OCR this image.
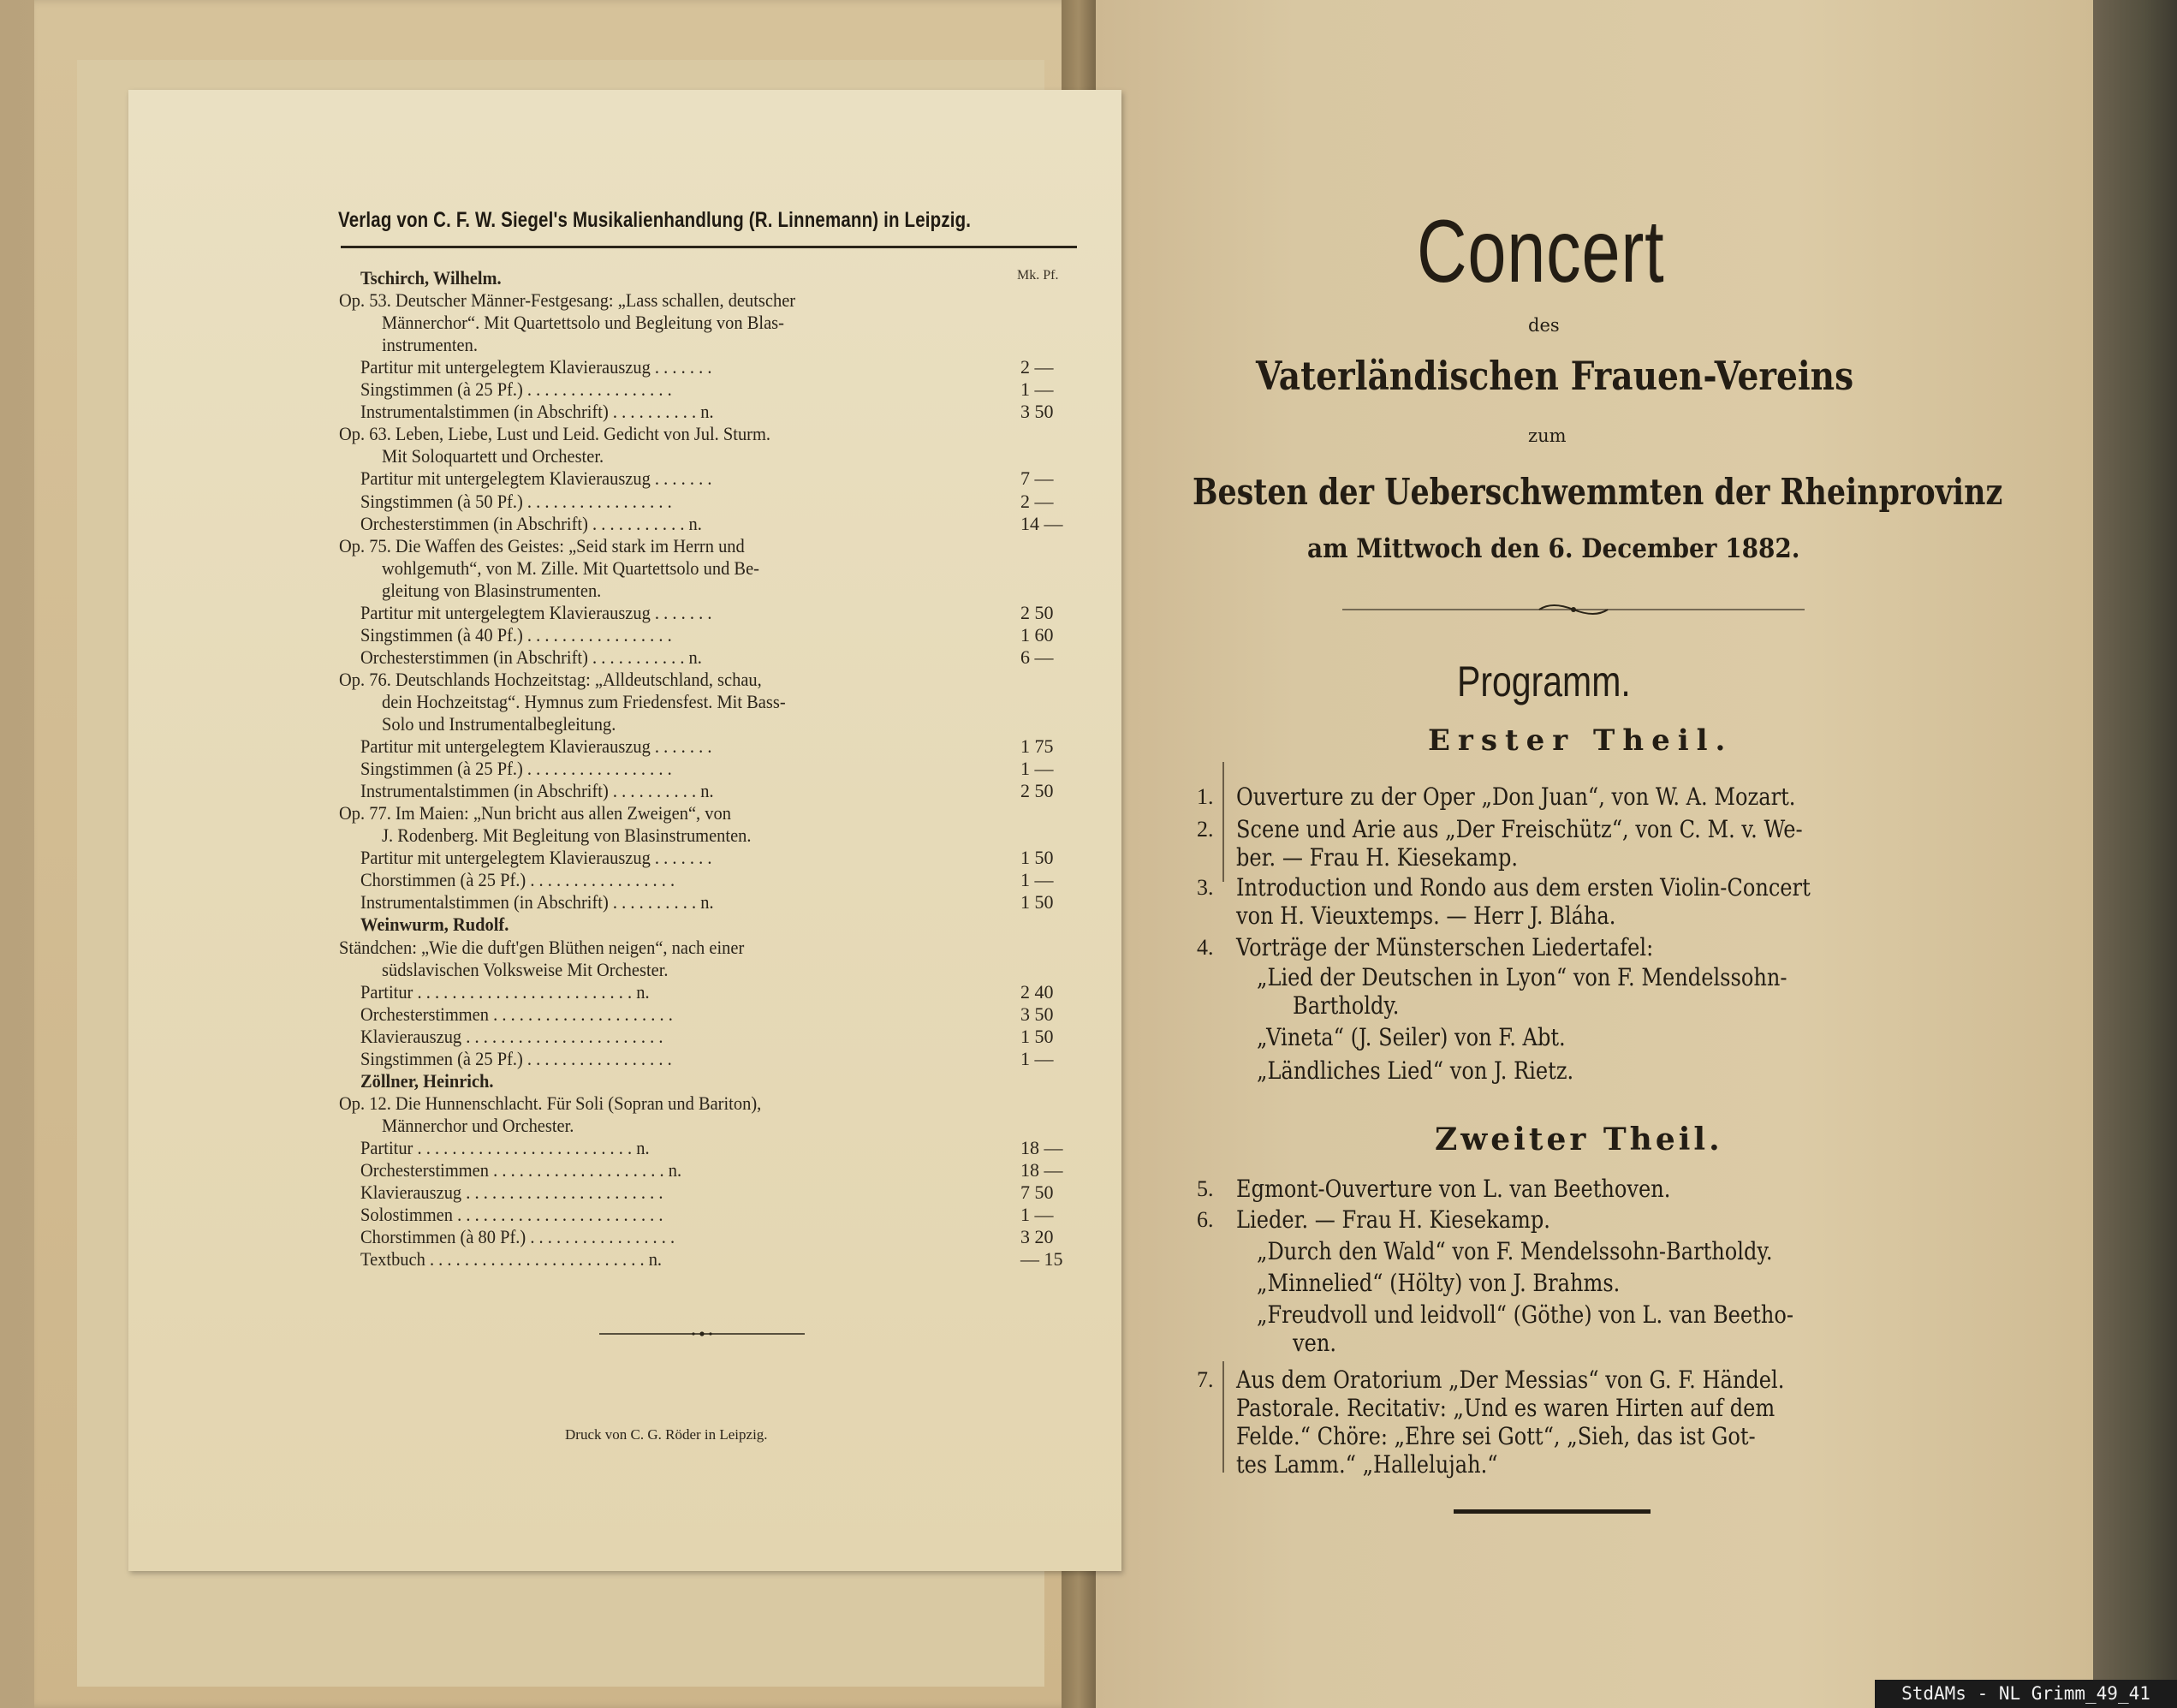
Verlag von C. F. W. Siegel's Musikalienhandlung (R. Linnemann) in Leipzig.
Mk. Pf.
Tschirch, Wilhelm.
Op. 53. Deutscher Männer-Festgesang: „Lass schallen, deutscher
Männerchor“. Mit Quartettsolo und Begleitung von Blas-
instrumenten.
Partitur mit untergelegtem Klavierauszug . . . . . . .	2 —
Singstimmen (à 25 Pf.) . . . . . . . . . . . . . . . . .	1 —
Instrumentalstimmen (in Abschrift) . . . . . . . . . . n.	3 50
Op. 63. Leben, Liebe, Lust und Leid. Gedicht von Jul. Sturm.
Mit Soloquartett und Orchester.
Partitur mit untergelegtem Klavierauszug . . . . . . .	7 —
Singstimmen (à 50 Pf.) . . . . . . . . . . . . . . . . .	2 —
Orchesterstimmen (in Abschrift) . . . . . . . . . . . n.	14 —
Op. 75. Die Waffen des Geistes: „Seid stark im Herrn und
wohlgemuth“, von M. Zille. Mit Quartettsolo und Be-
gleitung von Blasinstrumenten.
Partitur mit untergelegtem Klavierauszug . . . . . . .	2 50
Singstimmen (à 40 Pf.) . . . . . . . . . . . . . . . . .	1 60
Orchesterstimmen (in Abschrift) . . . . . . . . . . . n.	6 —
Op. 76. Deutschlands Hochzeitstag: „Alldeutschland, schau,
dein Hochzeitstag“. Hymnus zum Friedensfest. Mit Bass-
Solo und Instrumentalbegleitung.
Partitur mit untergelegtem Klavierauszug . . . . . . .	1 75
Singstimmen (à 25 Pf.) . . . . . . . . . . . . . . . . .	1 —
Instrumentalstimmen (in Abschrift) . . . . . . . . . . n.	2 50
Op. 77. Im Maien: „Nun bricht aus allen Zweigen“, von
J. Rodenberg. Mit Begleitung von Blasinstrumenten.
Partitur mit untergelegtem Klavierauszug . . . . . . .	1 50
Chorstimmen (à 25 Pf.) . . . . . . . . . . . . . . . . .	1 —
Instrumentalstimmen (in Abschrift) . . . . . . . . . . n.	1 50
Weinwurm, Rudolf.
Ständchen: „Wie die duft'gen Blüthen neigen“, nach einer
südslavischen Volksweise Mit Orchester.
Partitur . . . . . . . . . . . . . . . . . . . . . . . . . n.	2 40
Orchesterstimmen . . . . . . . . . . . . . . . . . . . . .	3 50
Klavierauszug . . . . . . . . . . . . . . . . . . . . . . .	1 50
Singstimmen (à 25 Pf.) . . . . . . . . . . . . . . . . .	1 —
Zöllner, Heinrich.
Op. 12. Die Hunnenschlacht. Für Soli (Sopran und Bariton),
Männerchor und Orchester.
Partitur . . . . . . . . . . . . . . . . . . . . . . . . . n.	18 —
Orchesterstimmen . . . . . . . . . . . . . . . . . . . . n.	18 —
Klavierauszug . . . . . . . . . . . . . . . . . . . . . . .	7 50
Solostimmen . . . . . . . . . . . . . . . . . . . . . . . .	1 —
Chorstimmen (à 80 Pf.) . . . . . . . . . . . . . . . . .	3 20
Textbuch . . . . . . . . . . . . . . . . . . . . . . . . . n.	— 15
Druck von C. G. Röder in Leipzig.
Concert
des
Vaterländischen Frauen-Vereins
zum
Besten der Ueberschwemmten der Rheinprovinz
am Mittwoch den 6. December 1882.
Programm.
Erster Theil.
Zweiter Theil.
1. Ouverture zu der Oper „Don Juan“, von W. A. Mozart.
2. Scene und Arie aus „Der Freischütz“, von C. M. v. We-
ber. — Frau H. Kiesekamp.
3. Introduction und Rondo aus dem ersten Violin-Concert
von H. Vieuxtemps. — Herr J. Bláha.
4. Vorträge der Münsterschen Liedertafel:
„Lied der Deutschen in Lyon“ von F. Mendelssohn-
Bartholdy.
„Vineta“ (J. Seiler) von F. Abt.
„Ländliches Lied“ von J. Rietz.
5. Egmont-Ouverture von L. van Beethoven.
6. Lieder. — Frau H. Kiesekamp.
„Durch den Wald“ von F. Mendelssohn-Bartholdy.
„Minnelied“ (Hölty) von J. Brahms.
„Freudvoll und leidvoll“ (Göthe) von L. van Beetho-
ven.
7. Aus dem Oratorium „Der Messias“ von G. F. Händel.
Pastorale. Recitativ: „Und es waren Hirten auf dem
Felde.“ Chöre: „Ehre sei Gott“, „Sieh, das ist Got-
tes Lamm.“ „Hallelujah.“
StdAMs - NL Grimm_49_41
